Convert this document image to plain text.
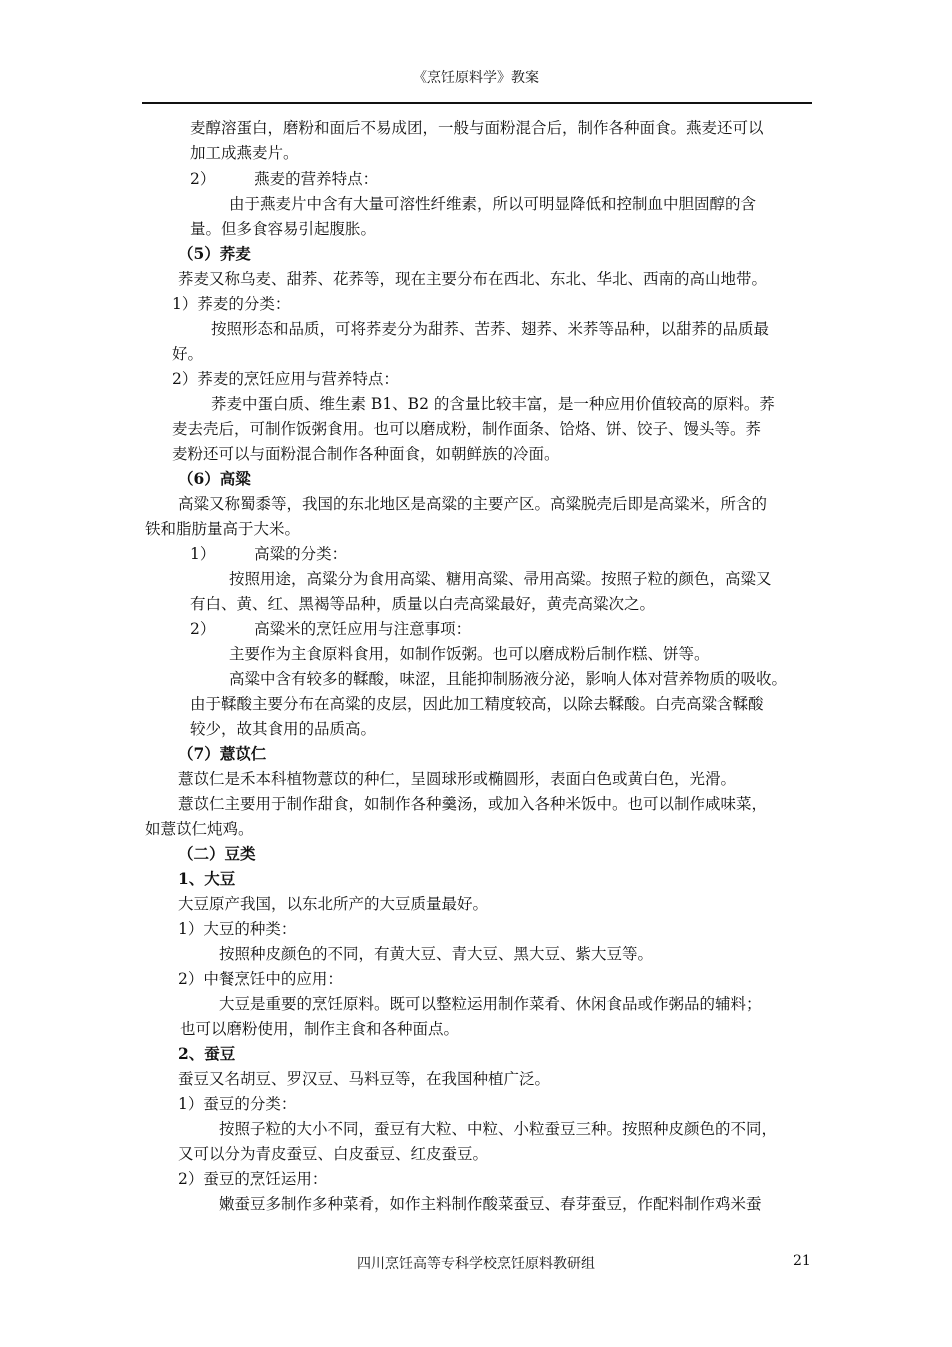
《烹饪原料学》教案
麦醇溶蛋白，磨粉和面后不易成团，一般与面粉混合后，制作各种面食。燕麦还可以
加工成燕麦片。
2）　　　燕麦的营养特点：
由于燕麦片中含有大量可溶性纤维素，所以可明显降低和控制血中胆固醇的含
量。但多食容易引起腹胀。
（5）荞麦
荞麦又称乌麦、甜荞、花荞等，现在主要分布在西北、东北、华北、西南的高山地带。
1）荞麦的分类：
按照形态和品质，可将荞麦分为甜荞、苦荞、翅荞、米荞等品种，以甜荞的品质最
好。
2）荞麦的烹饪应用与营养特点：
荞麦中蛋白质、维生素 B1、B2 的含量比较丰富，是一种应用价值较高的原料。荞
麦去壳后，可制作饭粥食用。也可以磨成粉，制作面条、饸烙、饼、饺子、馒头等。荞
麦粉还可以与面粉混合制作各种面食，如朝鲜族的冷面。
（6）高粱
高粱又称蜀黍等，我国的东北地区是高粱的主要产区。高粱脱壳后即是高粱米，所含的
铁和脂肪量高于大米。
1）　　　高粱的分类：
按照用途，高粱分为食用高粱、糖用高粱、帚用高粱。按照子粒的颜色，高粱又
有白、黄、红、黑褐等品种，质量以白壳高粱最好，黄壳高粱次之。
2）　　　高粱米的烹饪应用与注意事项：
主要作为主食原料食用，如制作饭粥。也可以磨成粉后制作糕、饼等。
高粱中含有较多的鞣酸，味涩，且能抑制肠液分泌，影响人体对营养物质的吸收。
由于鞣酸主要分布在高粱的皮层，因此加工精度较高，以除去鞣酸。白壳高粱含鞣酸
较少，故其食用的品质高。
（7）薏苡仁
薏苡仁是禾本科植物薏苡的种仁，呈圆球形或椭圆形，表面白色或黄白色，光滑。
薏苡仁主要用于制作甜食，如制作各种羹汤，或加入各种米饭中。也可以制作咸味菜，
如薏苡仁炖鸡。
（二）豆类
1、大豆
大豆原产我国，以东北所产的大豆质量最好。
1）大豆的种类：
按照种皮颜色的不同，有黄大豆、青大豆、黑大豆、紫大豆等。
2）中餐烹饪中的应用：
大豆是重要的烹饪原料。既可以整粒运用制作菜肴、休闲食品或作粥品的辅料；
也可以磨粉使用，制作主食和各种面点。
2、蚕豆
蚕豆又名胡豆、罗汉豆、马料豆等，在我国种植广泛。
1）蚕豆的分类：
按照子粒的大小不同，蚕豆有大粒、中粒、小粒蚕豆三种。按照种皮颜色的不同，
又可以分为青皮蚕豆、白皮蚕豆、红皮蚕豆。
2）蚕豆的烹饪运用：
嫩蚕豆多制作多种菜肴，如作主料制作酸菜蚕豆、春芽蚕豆，作配料制作鸡米蚕
四川烹饪高等专科学校烹饪原料教研组	21
